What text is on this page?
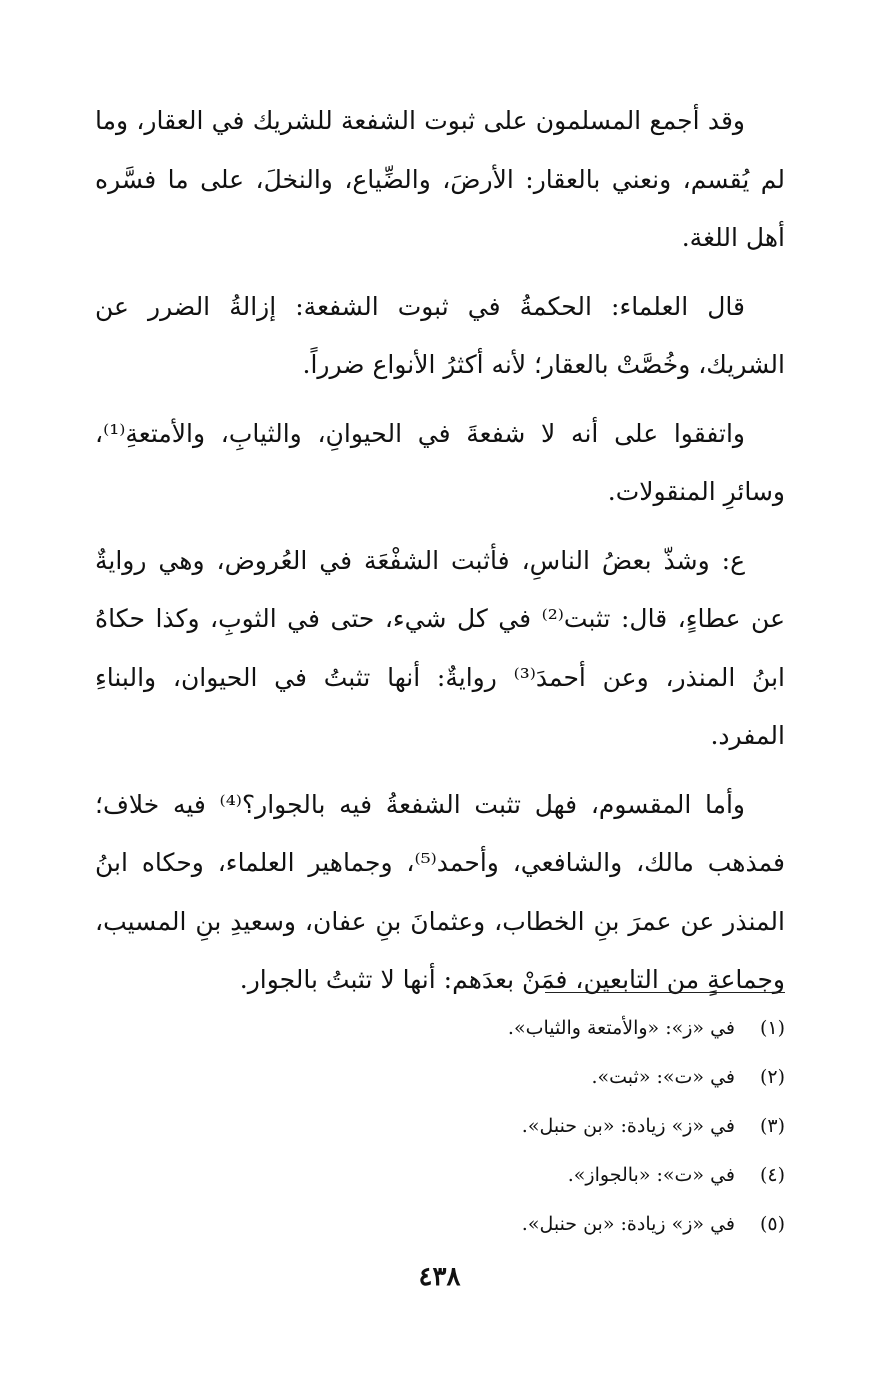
وقد أجمع المسلمون على ثبوت الشفعة للشريك في العقار، وما لم يُقسم، ونعني بالعقار: الأرضَ، والضِّياع، والنخلَ، على ما فسَّره أهل اللغة.

قال العلماء: الحكمةُ في ثبوت الشفعة: إزالةُ الضرر عن الشريك، وخُصَّتْ بالعقار؛ لأنه أكثرُ الأنواع ضرراً.

واتفقوا على أنه لا شفعةَ في الحيوانِ، والثيابِ، والأمتعةِ⁽¹⁾، وسائرِ المنقولات.

ع: وشذّ بعضُ الناسِ، فأثبت الشفْعَة في العُروض، وهي روايةٌ عن عطاءٍ، قال: تثبت⁽²⁾ في كل شيء، حتى في الثوبِ، وكذا حكاهُ ابنُ المنذر، وعن أحمدَ⁽³⁾ روايةٌ: أنها تثبتُ في الحيوان، والبناءِ المفرد.

وأما المقسوم، فهل تثبت الشفعةُ فيه بالجوار؟⁽⁴⁾ فيه خلاف؛ فمذهب مالك، والشافعي، وأحمد⁽⁵⁾، وجماهير العلماء، وحكاه ابنُ المنذر عن عمرَ بنِ الخطاب، وعثمانَ بنِ عفان، وسعيدِ بنِ المسيب، وجماعةٍ من التابعين، فمَنْ بعدَهم: أنها لا تثبتُ بالجوار.

(١)في «ز»: «والأمتعة والثياب».
(٢)في «ت»: «ثبت».
(٣)في «ز» زيادة: «بن حنبل».
(٤)في «ت»: «بالجواز».
(٥)في «ز» زيادة: «بن حنبل».
٤٣٨
